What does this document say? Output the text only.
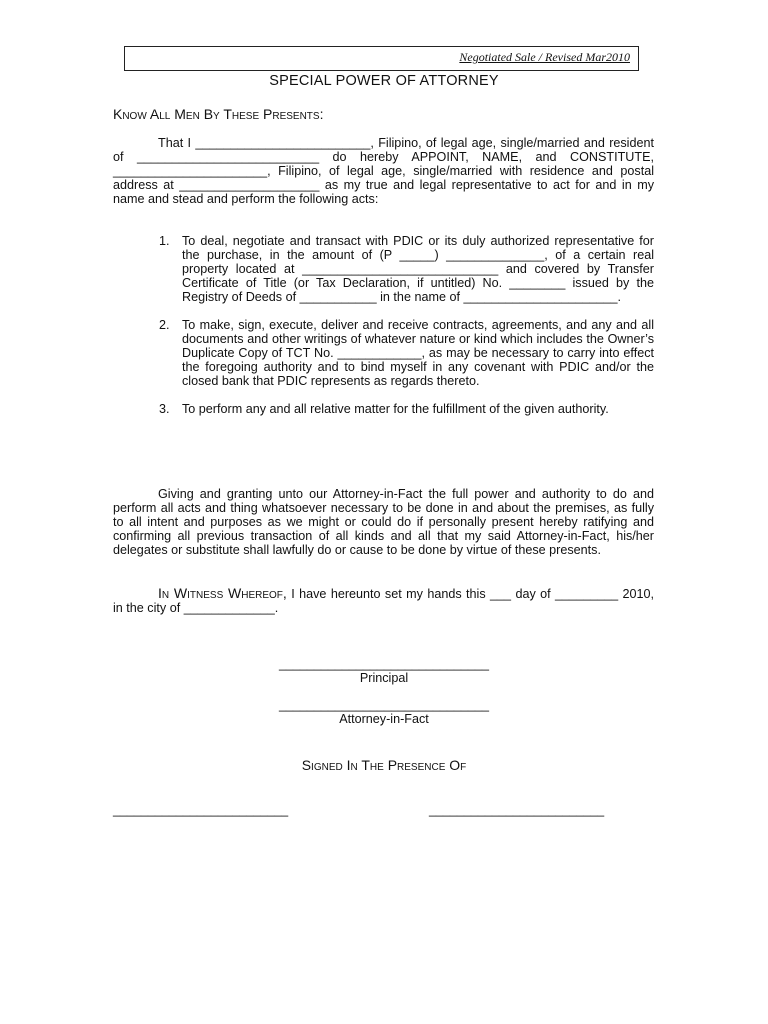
Negotiated Sale / Revised Mar2010
SPECIAL POWER OF ATTORNEY
Know All Men By These Presents:
That I _________________________, Filipino, of legal age, single/married and resident of __________________________ do hereby APPOINT, NAME, and CONSTITUTE, ______________________, Filipino, of legal age, single/married with residence and postal address at ____________________ as my true and legal representative to act for and in my name and stead and perform the following acts:
1. To deal, negotiate and transact with PDIC or its duly authorized representative for the purchase, in the amount of (P _____) ______________, of a certain real property located at ____________________________ and covered by Transfer Certificate of Title (or Tax Declaration, if untitled) No. ________ issued by the Registry of Deeds of ___________ in the name of ______________________.
2. To make, sign, execute, deliver and receive contracts, agreements, and any and all documents and other writings of whatever nature or kind which includes the Owner’s Duplicate Copy of TCT No. ____________, as may be necessary to carry into effect the foregoing authority and to bind myself in any covenant with PDIC and/or the closed bank that PDIC represents as regards thereto.
3. To perform any and all relative matter for the fulfillment of the given authority.
Giving and granting unto our Attorney-in-Fact the full power and authority to do and perform all acts and thing whatsoever necessary to be done in and about the premises, as fully to all intent and purposes as we might or could do if personally present hereby ratifying and confirming all previous transaction of all kinds and all that my said Attorney-in-Fact, his/her delegates or substitute shall lawfully do or cause to be done by virtue of these presents.
In Witness Whereof, I have hereunto set my hands this ___ day of _________ 2010, in the city of _____________.
______________________________
Principal
______________________________
Attorney-in-Fact
Signed In The Presence Of
_________________________	_________________________
